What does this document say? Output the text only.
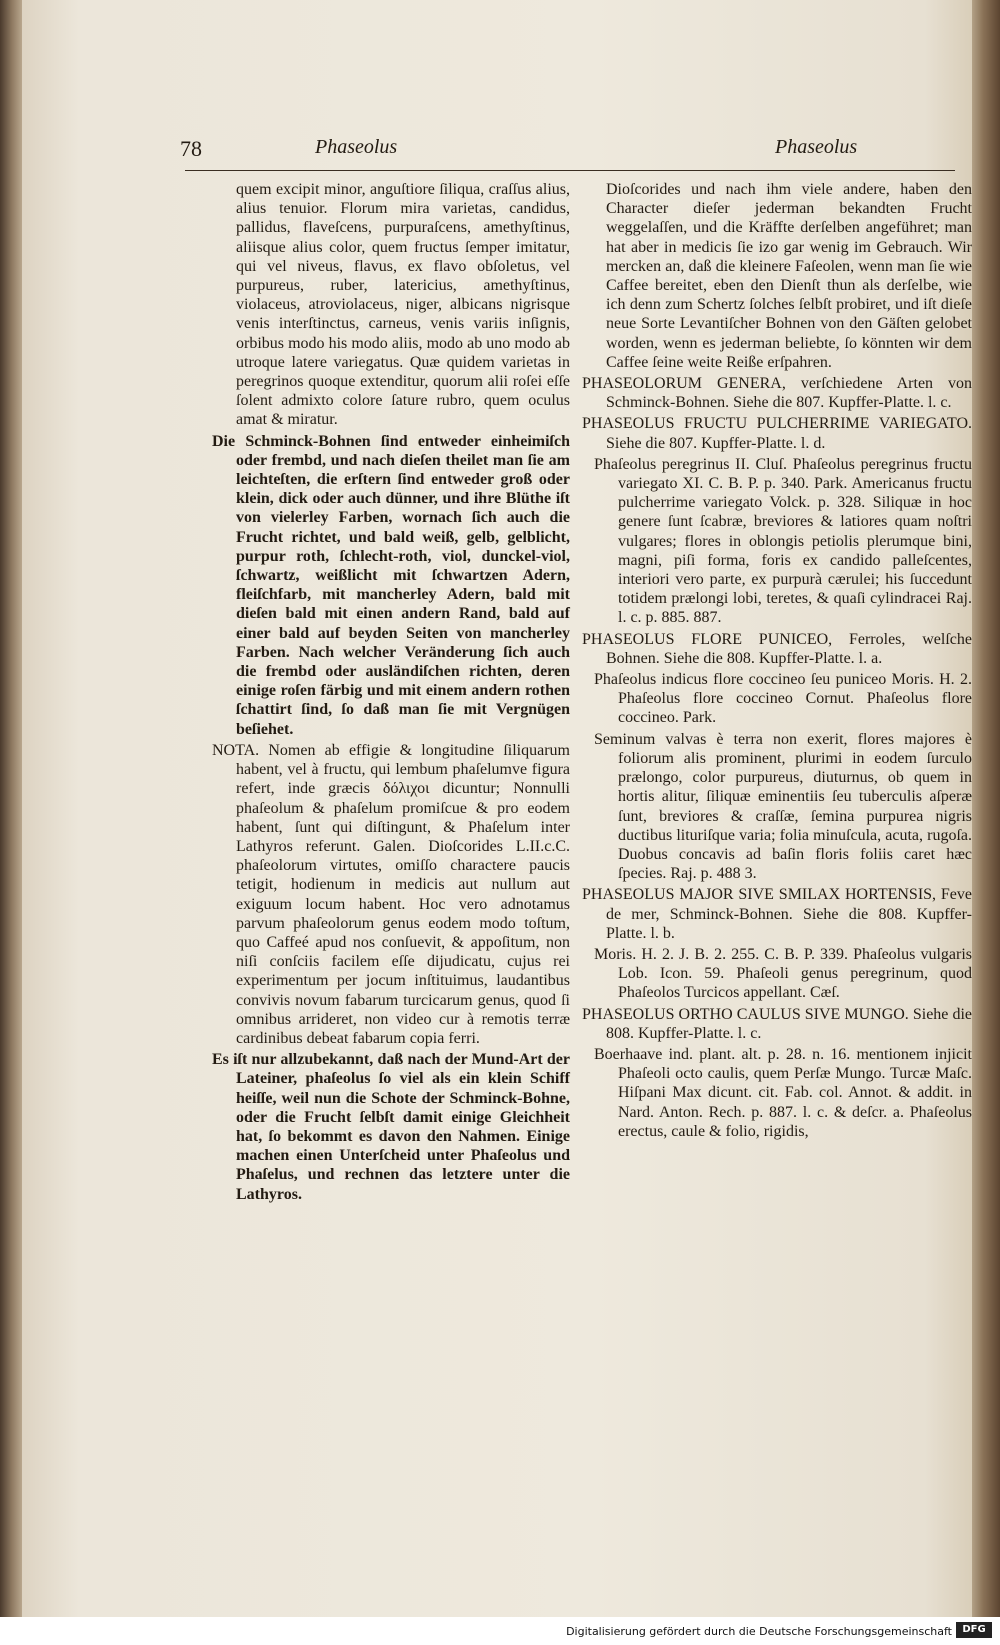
78	Phaseolus	Phaseolus

quem excipit minor, anguſtiore ſiliqua, craſſus alius, alius tenuior. Florum mira varietas, candidus, pallidus, flaveſcens, purpuraſcens, amethyſtinus, aliisque alius color, quem fructus ſemper imitatur, qui vel niveus, flavus, ex flavo obſoletus, vel purpureus, ruber, latericius, amethyſtinus, violaceus, atroviolaceus, niger, albicans nigrisque venis interſtinctus, carneus, venis variis inſignis, orbibus modo his modo aliis, modo ab uno modo ab utroque latere variegatus. Quæ quidem varietas in peregrinos quoque extenditur, quorum alii roſei eſſe ſolent admixto colore ſature rubro, quem oculus amat & miratur.

Die Schminck-Bohnen ſind entweder einheimiſch oder frembd, und nach dieſen theilet man ſie am leichteſten, die erſtern ſind entweder groß oder klein, dick oder auch dünner, und ihre Blüthe iſt von vielerley Farben, wornach ſich auch die Frucht richtet, und bald weiß, gelb, gelblicht, purpur roth, ſchlecht-roth, viol, dunckel-viol, ſchwartz, weißlicht mit ſchwartzen Adern, fleiſchfarb, mit mancherley Adern, bald mit dieſen bald mit einen andern Rand, bald auf einer bald auf beyden Seiten von mancherley Farben. Nach welcher Veränderung ſich auch die frembd oder ausländiſchen richten, deren einige roſen färbig und mit einem andern rothen ſchattirt ſind, ſo daß man ſie mit Vergnügen beſiehet.

NOTA. Nomen ab effigie & longitudine ſiliquarum habent, vel à fructu, qui lembum phaſelumve figura refert, inde græcis δόλιχοι dicuntur; Nonnulli phaſeolum & phaſelum promiſcue & pro eodem habent, ſunt qui diſtingunt, & Phaſelum inter Lathyros referunt. Galen. Dioſcorides L.II.c.C. phaſeolorum virtutes, omiſſo charactere paucis tetigit, hodienum in medicis aut nullum aut exiguum locum habent. Hoc vero adnotamus parvum phaſeolorum genus eodem modo toſtum, quo Caffeé apud nos conſuevit, & appoſitum, non niſi conſciis facilem eſſe dijudicatu, cujus rei experimentum per jocum inſtituimus, laudantibus convivis novum fabarum turcicarum genus, quod ſi omnibus arrideret, non video cur à remotis terræ cardinibus debeat fabarum copia ferri.

Es iſt nur allzubekannt, daß nach der Mund-Art der Lateiner, phaſeolus ſo viel als ein klein Schiff heiſſe, weil nun die Schote der Schminck-Bohne, oder die Frucht ſelbſt damit einige Gleichheit hat, ſo bekommt es davon den Nahmen. Einige machen einen Unterſcheid unter Phaſeolus und Phaſelus, und rechnen das letztere unter die Lathyros.

Dioſcorides und nach ihm viele andere, haben den Character dieſer jederman bekandten Frucht weggelaſſen, und die Kräffte derſelben angeführet; man hat aber in medicis ſie izo gar wenig im Gebrauch. Wir mercken an, daß die kleinere Faſeolen, wenn man ſie wie Caffee bereitet, eben den Dienſt thun als derſelbe, wie ich denn zum Schertz ſolches ſelbſt probiret, und iſt dieſe neue Sorte Levantiſcher Bohnen von den Gäſten gelobet worden, wenn es jederman beliebte, ſo könnten wir dem Caffee ſeine weite Reiße erſpahren.

PHASEOLORUM GENERA, verſchiedene Arten von Schminck-Bohnen. Siehe die 807. Kupffer-Platte. l. c.

PHASEOLUS FRUCTU PULCHERRIME VARIEGATO. Siehe die 807. Kupffer-Platte. l. d.

Phaſeolus peregrinus II. Cluſ. Phaſeolus peregrinus fructu variegato XI. C. B. P. p. 340. Park. Americanus fructu pulcherrime variegato Volck. p. 328. Siliquæ in hoc genere ſunt ſcabræ, breviores & latiores quam noſtri vulgares; flores in oblongis petiolis plerumque bini, magni, piſi forma, foris ex candido palleſcentes, interiori vero parte, ex purpurà cærulei; his ſuccedunt totidem prælongi lobi, teretes, & quaſi cylindracei Raj. l. c. p. 885. 887.

PHASEOLUS FLORE PUNICEO, Ferroles, welſche Bohnen. Siehe die 808. Kupffer-Platte. l. a.

Phaſeolus indicus flore coccineo ſeu puniceo Moris. H. 2. Phaſeolus flore coccineo Cornut. Phaſeolus flore coccineo. Park.

Seminum valvas è terra non exerit, flores majores è foliorum alis prominent, plurimi in eodem ſurculo prælongo, color purpureus, diuturnus, ob quem in hortis alitur, ſiliquæ eminentiis ſeu tuberculis aſperæ ſunt, breviores & craſſæ, ſemina purpurea nigris ductibus lituriſque varia; folia minuſcula, acuta, rugoſa. Duobus concavis ad baſin floris foliis caret hæc ſpecies. Raj. p. 488 3.

PHASEOLUS MAJOR SIVE SMILAX HORTENSIS, Feve de mer, Schminck-Bohnen. Siehe die 808. Kupffer-Platte. l. b.

Moris. H. 2. J. B. 2. 255. C. B. P. 339. Phaſeolus vulgaris Lob. Icon. 59. Phaſeoli genus peregrinum, quod Phaſeolos Turcicos appellant. Cæſ.

PHASEOLUS ORTHO CAULUS SIVE MUNGO. Siehe die 808. Kupffer-Platte. l. c.

Boerhaave ind. plant. alt. p. 28. n. 16. mentionem injicit Phaſeoli octo caulis, quem Perſæ Mungo. Turcæ Maſc. Hiſpani Max dicunt. cit. Fab. col. Annot. & addit. in Nard. Anton. Rech. p. 887. l. c. & deſcr. a. Phaſeolus erectus, caule & folio, rigidis,

Digitalisierung gefördert durch die Deutsche Forschungsgemeinschaft	DFG
